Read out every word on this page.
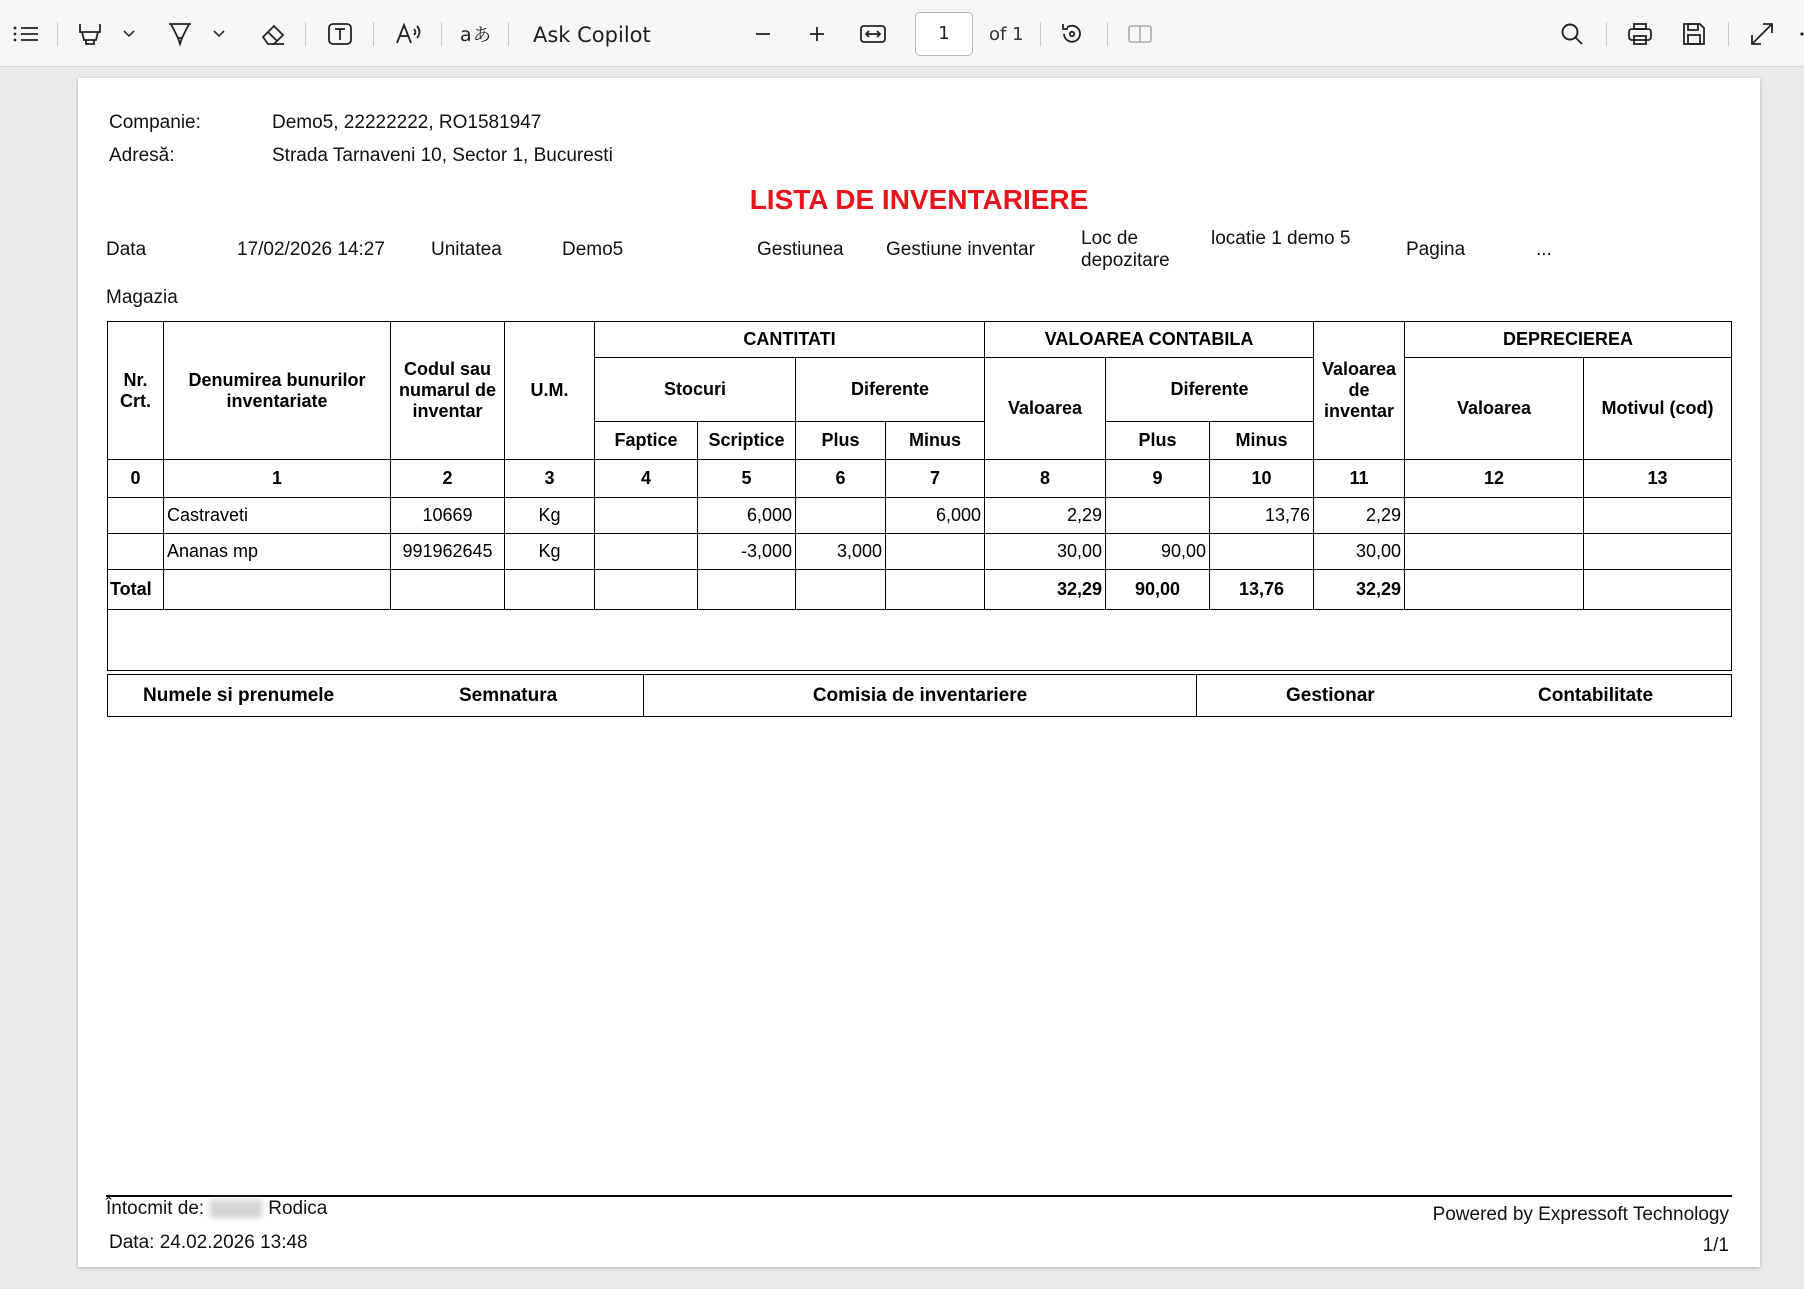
a あ Ask Copilot	1	of 1
Companie:	Demo5, 22222222, RO1581947
Adresă:	Strada Tarnaveni 10, Sector 1, Bucuresti
LISTA DE INVENTARIERE
Data	17/02/2026 14:27 Unitatea	Demo5	Gestiunea Gestiune inventar
Loc de
depozitare
locatie 1 demo 5
Pagina	...
Magazia
Nr. Crt.	Denumirea bunurilor inventariate	Codul sau numarul de inventar	U.M.	CANTITATI				VALOAREA CONTABILA			Valoarea de inventar	DEPRECIEREA	
				Stocuri		Diferente		Valoarea	Diferente			Valoarea	Motivul (cod)
				Faptice	Scriptice	Plus	Minus		Plus	Minus			
0	1	2	3	4	5	6	7	8	9	10	11	12	13
	Castraveti	10669	Kg		6,000		6,000	2,29		13,76	2,29		
	Ananas mp	991962645	Kg		-3,000	3,000		30,00	90,00		30,00		
Total								32,29	90,00	13,76	32,29		

Numele si prenumele	Semnatura	Comisia de inventariere	Gestionar	Contabilitate
Întocmit de:	Rodica
Data: 24.02.2026 13:48
Powered by Expressoft Technology
1/1
